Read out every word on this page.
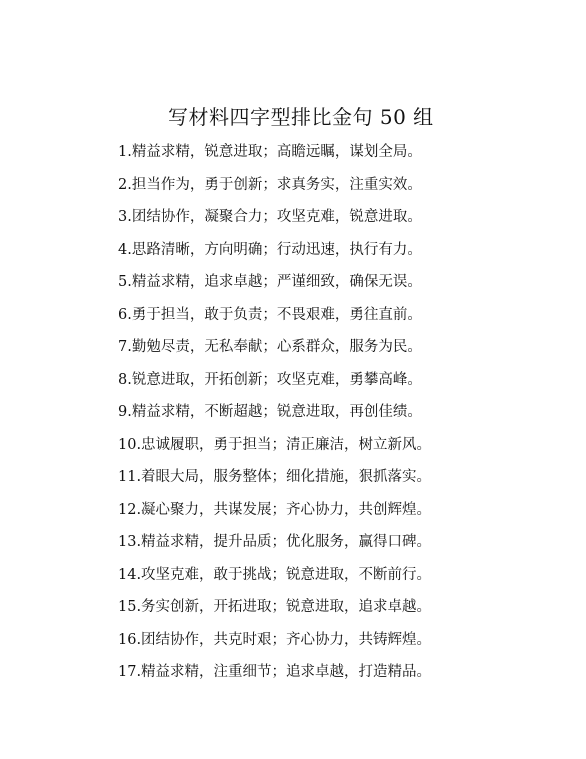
写材料四字型排比金句 50 组
1.精益求精，锐意进取；高瞻远瞩，谋划全局。
2.担当作为，勇于创新；求真务实，注重实效。
3.团结协作，凝聚合力；攻坚克难，锐意进取。
4.思路清晰，方向明确；行动迅速，执行有力。
5.精益求精，追求卓越；严谨细致，确保无误。
6.勇于担当，敢于负责；不畏艰难，勇往直前。
7.勤勉尽责，无私奉献；心系群众，服务为民。
8.锐意进取，开拓创新；攻坚克难，勇攀高峰。
9.精益求精，不断超越；锐意进取，再创佳绩。
10.忠诚履职，勇于担当；清正廉洁，树立新风。
11.着眼大局，服务整体；细化措施，狠抓落实。
12.凝心聚力，共谋发展；齐心协力，共创辉煌。
13.精益求精，提升品质；优化服务，赢得口碑。
14.攻坚克难，敢于挑战；锐意进取，不断前行。
15.务实创新，开拓进取；锐意进取，追求卓越。
16.团结协作，共克时艰；齐心协力，共铸辉煌。
17.精益求精，注重细节；追求卓越，打造精品。
